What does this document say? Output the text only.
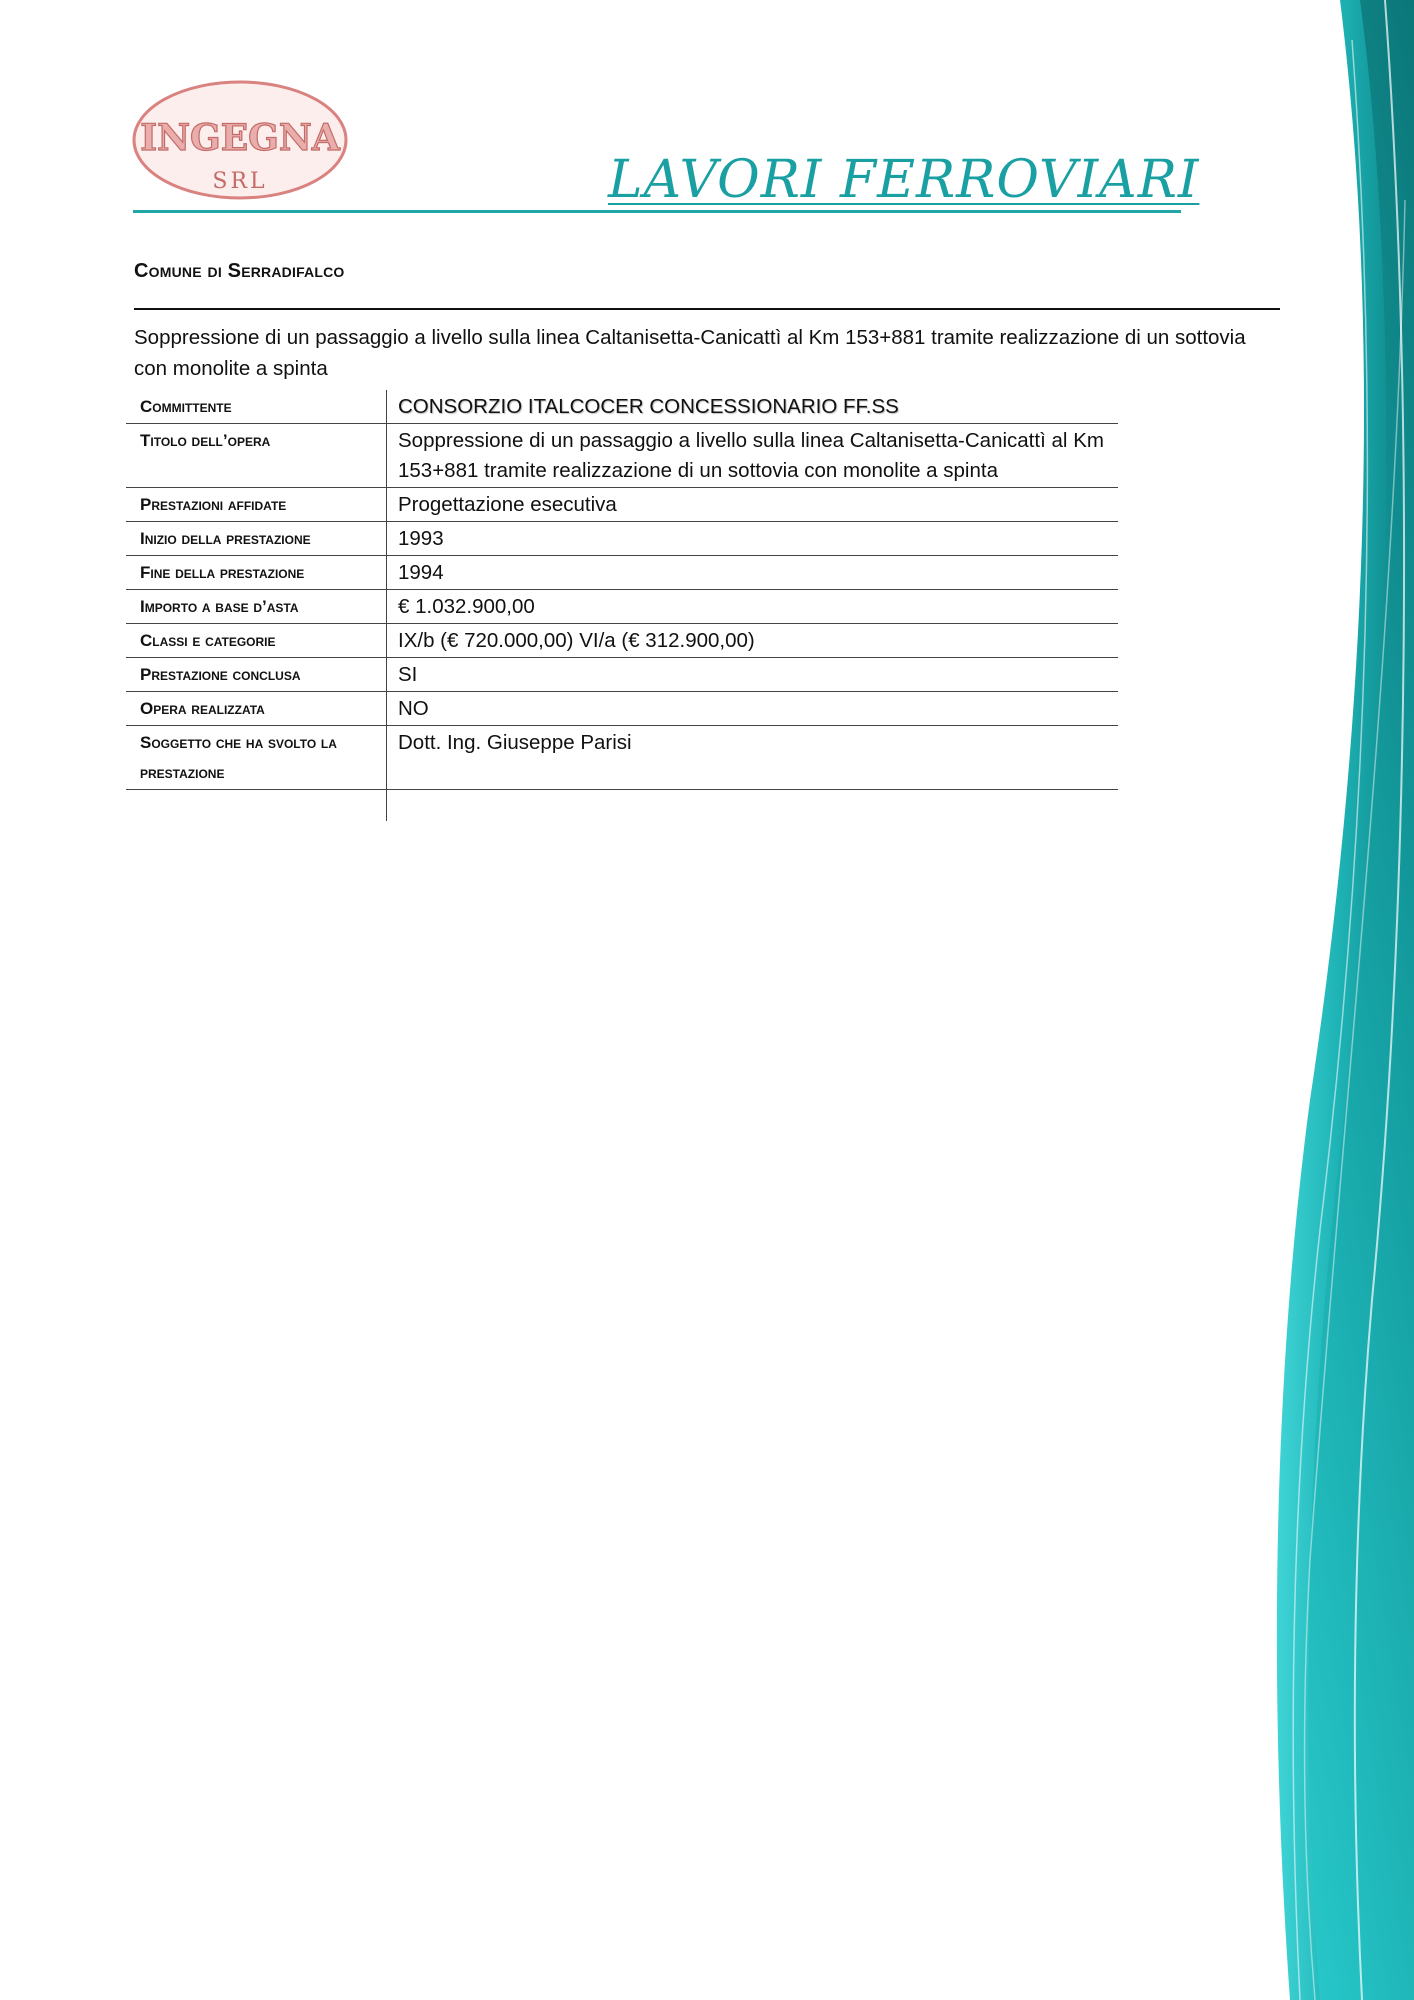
INGEGNA
SRL	LAVORI FERROVIARI
Comune di Serradifalco
Soppressione di un passaggio a livello sulla linea Caltanisetta-Canicattì al Km 153+881 tramite realizzazione di un sottovia con monolite a spinta
Committente	CONSORZIO ITALCOCER CONCESSIONARIO FF.SS
Titolo dell’opera	Soppressione di un passaggio a livello sulla linea Caltanisetta-Canicattì al Km 153+881 tramite realizzazione di un sottovia con monolite a spinta
Prestazioni affidate	Progettazione esecutiva
Inizio della prestazione	1993
Fine della prestazione	1994
Importo a base d’asta	€ 1.032.900,00
Classi e categorie	IX/b (€ 720.000,00) VI/a (€ 312.900,00)
Prestazione conclusa	SI
Opera realizzata	NO
Soggetto che ha svolto la prestazione	Dott. Ing. Giuseppe Parisi
